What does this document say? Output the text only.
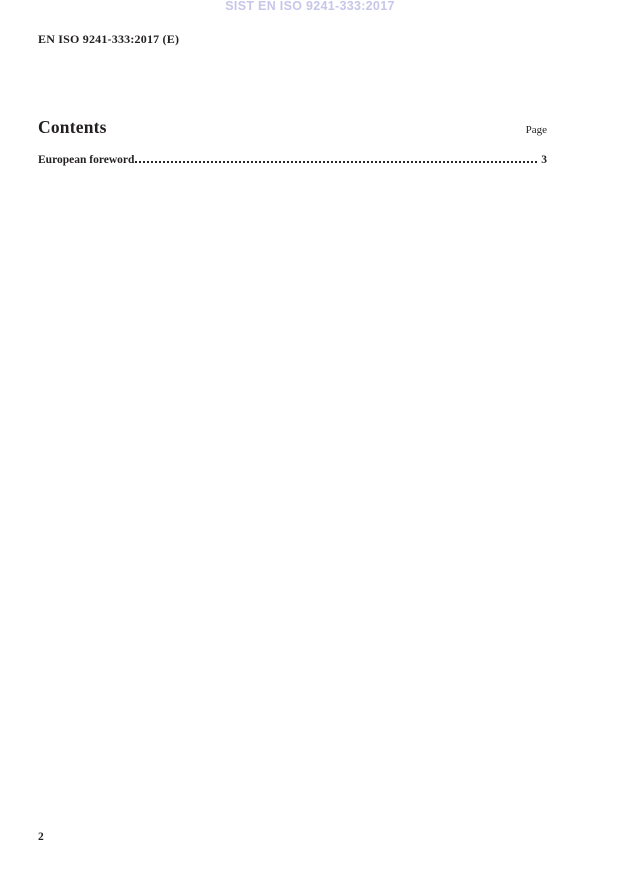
SIST EN ISO 9241-333:2017
EN ISO 9241-333:2017 (E)
Contents	Page
European foreword	3
2
